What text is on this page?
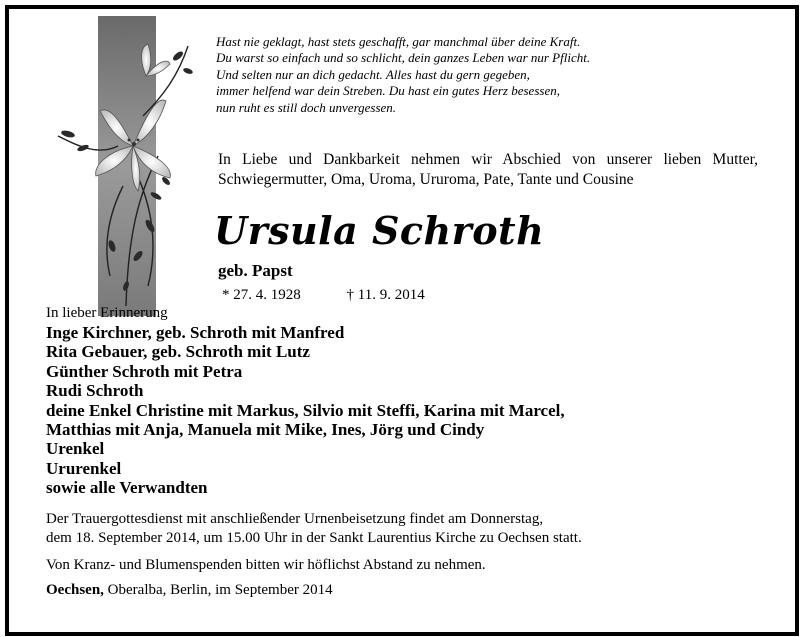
Hast nie geklagt, hast stets geschafft, gar manchmal über deine Kraft.
Du warst so einfach und so schlicht, dein ganzes Leben war nur Pflicht.
Und selten nur an dich gedacht. Alles hast du gern gegeben,
immer helfend war dein Streben. Du hast ein gutes Herz besessen,
nun ruht es still doch unvergessen.
In Liebe und Dankbarkeit nehmen wir Abschied von unserer lieben Mutter, Schwiegermutter, Oma, Uroma, Ururoma, Pate, Tante und Cousine
Ursula Schroth
geb. Papst
* 27. 4. 1928	† 11. 9. 2014
In lieber Erinnerung
Inge Kirchner, geb. Schroth mit Manfred
Rita Gebauer, geb. Schroth mit Lutz
Günther Schroth mit Petra
Rudi Schroth
deine Enkel Christine mit Markus, Silvio mit Steffi, Karina mit Marcel,
Matthias mit Anja, Manuela mit Mike, Ines, Jörg und Cindy
Urenkel
Ururenkel
sowie alle Verwandten
Der Trauergottesdienst mit anschließender Urnenbeisetzung findet am Donnerstag,
dem 18. September 2014, um 15.00 Uhr in der Sankt Laurentius Kirche zu Oechsen statt.
Von Kranz- und Blumenspenden bitten wir höflichst Abstand zu nehmen.
Oechsen, Oberalba, Berlin, im September 2014
